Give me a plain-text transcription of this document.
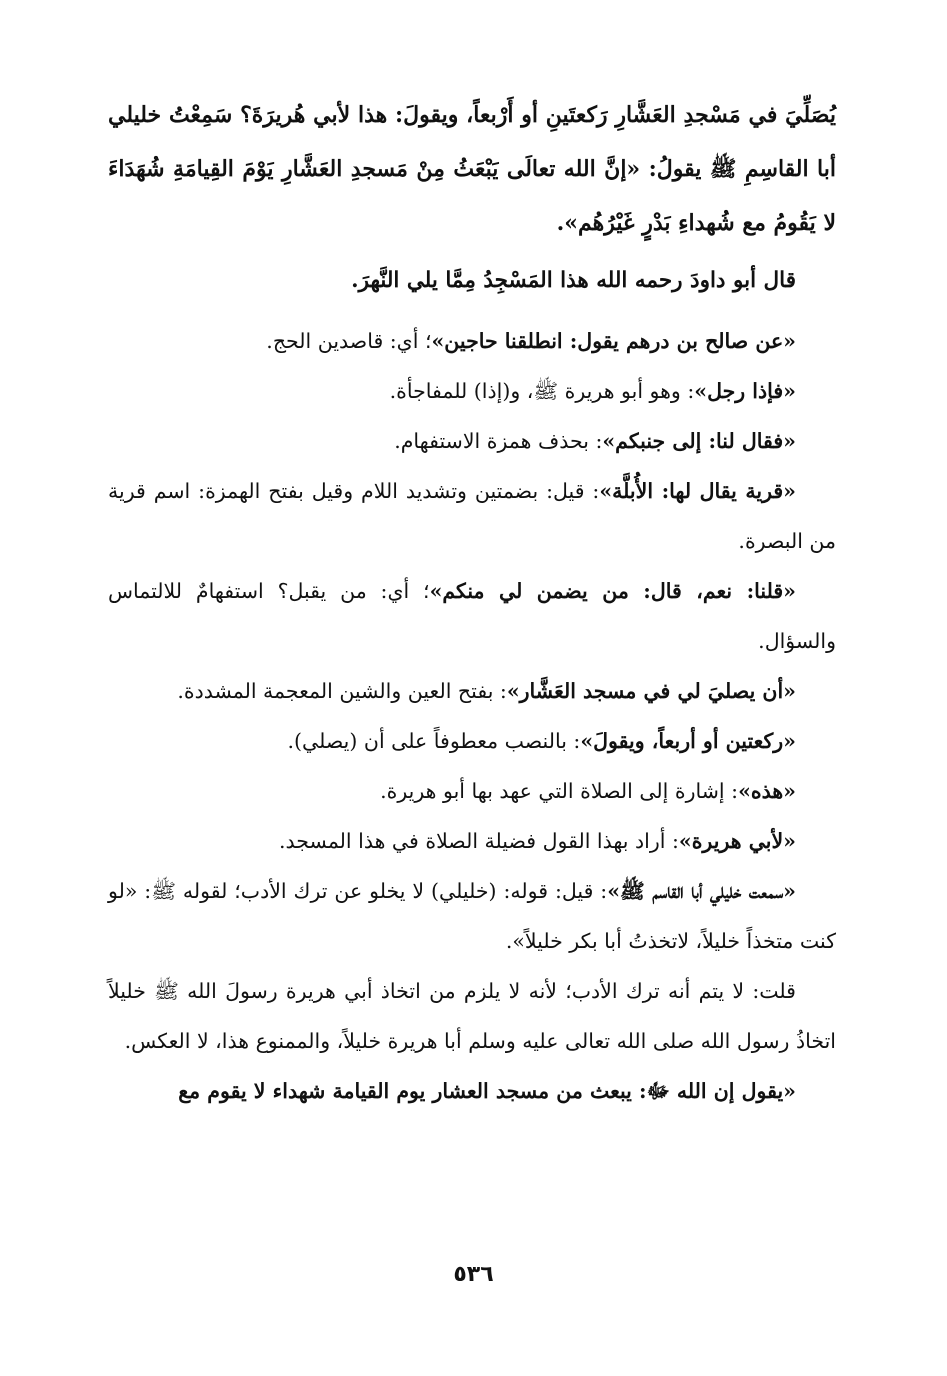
يُصَلِّيَ في مَسْجدِ العَشَّارِ رَكعتَينِ أو أَرْبعاً، ويقولَ: هذا لأبي هُريرَةَ؟ سَمِعْتُ خليلي أبا القاسِمِ ﷺ يقولُ: «إنَّ الله تعالَى يَبْعَثُ مِنْ مَسجدِ العَشَّارِ يَوْمَ القِيامَةِ شُهَدَاءَ لا يَقُومُ مع شُهداءِ بَدْرٍ غَيْرُهُم».

قال أبو داودَ رحمه الله هذا المَسْجِدُ مِمَّا يلي النَّهرَ.

«عن صالح بن درهم يقول: انطلقنا حاجين»؛ أي: قاصدين الحج.

«فإذا رجل»: وهو أبو هريرة ﷺ، و(إذا) للمفاجأة.

«فقال لنا: إلى جنبكم»: بحذف همزة الاستفهام.

«قرية يقال لها: الأُبلَّة»: قيل: بضمتين وتشديد اللام وقيل بفتح الهمزة: اسم قرية من البصرة.

«قلنا: نعم، قال: من يضمن لي منكم»؛ أي: من يقبل؟ استفهامٌ للالتماس والسؤال.

«أن يصليَ لي في مسجد العَشَّار»: بفتح العين والشين المعجمة المشددة.

«ركعتين أو أربعاً، ويقولَ»: بالنصب معطوفاً على أن (يصلي).

«هذه»: إشارة إلى الصلاة التي عهد بها أبو هريرة.

«لأبي هريرة»: أراد بهذا القول فضيلة الصلاة في هذا المسجد.

«سمعت خليلي أبا القاسم ﷺ»: قيل: قوله: (خليلي) لا يخلو عن ترك الأدب؛ لقوله ﷺ: «لو كنت متخذاً خليلاً، لاتخذتُ أبا بكر خليلاً».

قلت: لا يتم أنه ترك الأدب؛ لأنه لا يلزم من اتخاذ أبي هريرة رسولَ الله ﷺ خليلاً اتخاذُ رسول الله صلى الله تعالى عليه وسلم أبا هريرة خليلاً، والممنوع هذا، لا العكس.

«يقول إن الله ﷻ: يبعث من مسجد العشار يوم القيامة شهداء لا يقوم مع

٥٣٦
